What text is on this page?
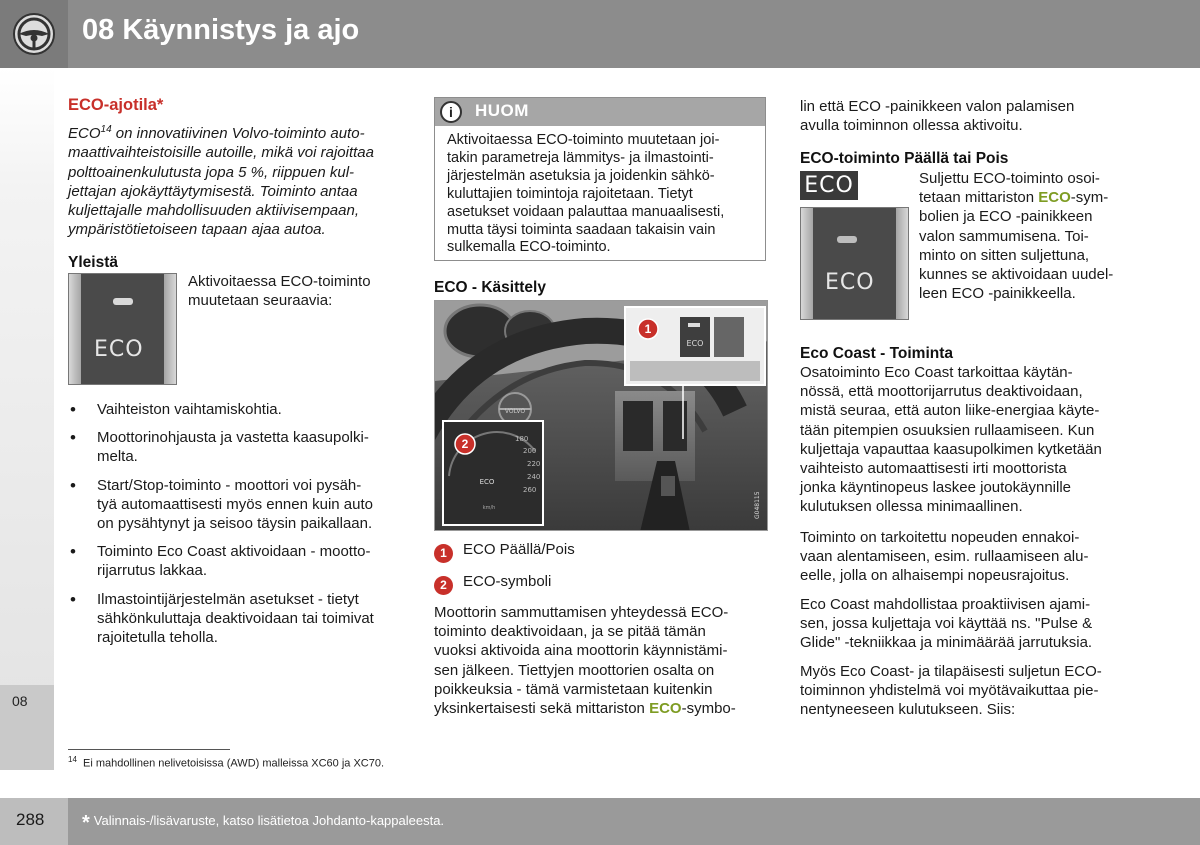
08 Käynnistys ja ajo
08
ECO-ajotila*
ECO$^{14}$ on innovatiivinen Volvo-toiminto auto-
maattivaihteistoisille autoille, mikä voi rajoittaa
polttoainenkulutusta jopa 5 %, riippuen kul-
jettajan ajokäyttäytymisestä. Toiminto antaa
kuljettajalle mahdollisuuden aktiivisempaan,
ympäristötietoiseen tapaan ajaa autoa.
Yleistä
ECO
Aktivoitaessa ECO-toiminto
muutetaan seuraavia:
• Vaihteiston vaihtamiskohtia.
• Moottorinohjausta ja vastetta kaasupolki-
melta.
• Start/Stop-toiminto - moottori voi pysäh-
tyä automaattisesti myös ennen kuin auto
on pysähtynyt ja seisoo täysin paikallaan.
• Toiminto Eco Coast aktivoidaan - mootto-
rijarrutus lakkaa.
• Ilmastointijärjestelmän asetukset - tietyt
sähkönkuluttaja deaktivoidaan tai toimivat
rajoitetulla teholla.
i	HUOM
Aktivoitaessa ECO-toiminto muutetaan joi-
takin parametreja lämmitys- ja ilmastointi-
järjestelmän asetuksia ja joidenkin sähkö-
kuluttajien toimintoja rajoitetaan. Tietyt
asetukset voidaan palauttaa manuaalisesti,
mutta täysi toiminta saadaan takaisin vain
sulkemalla ECO-toiminto.
ECO - Käsittely
VOLVO
ECO
1
180
200
220
240
260
ECO
km/h
2
G048115
1 ECO Päällä/Pois
2 ECO-symboli
Moottorin sammuttamisen yhteydessä ECO-
toiminto deaktivoidaan, ja se pitää tämän
vuoksi aktivoida aina moottorin käynnistämi-
sen jälkeen. Tiettyjen moottorien osalta on
poikkeuksia - tämä varmistetaan kuitenkin
yksinkertaisesti sekä mittariston ECO-symbo-
lin että ECO -painikkeen valon palamisen
avulla toiminnon ollessa aktivoitu.
ECO-toiminto Päällä tai Pois
ECO
ECO
Suljettu ECO-toiminto osoi-
tetaan mittariston ECO-sym-
bolien ja ECO -painikkeen
valon sammumisena. Toi-
minto on sitten suljettuna,
kunnes se aktivoidaan uudel-
leen ECO -painikkeella.
Eco Coast - Toiminta
Osatoiminto Eco Coast tarkoittaa käytän-
nössä, että moottorijarrutus deaktivoidaan,
mistä seuraa, että auton liike-energiaa käyte-
tään pitempien osuuksien rullaamiseen. Kun
kuljettaja vapauttaa kaasupolkimen kytketään
vaihteisto automaattisesti irti moottorista
jonka käyntinopeus laskee joutokäynnille
kulutuksen ollessa minimaallinen.
Toiminto on tarkoitettu nopeuden ennakoi-
vaan alentamiseen, esim. rullaamiseen alu-
eelle, jolla on alhaisempi nopeusrajoitus.
Eco Coast mahdollistaa proaktiivisen ajami-
sen, jossa kuljettaja voi käyttää ns. "Pulse &
Glide" -tekniikkaa ja minimäärää jarrutuksia.
Myös Eco Coast- ja tilapäisesti suljetun ECO-
toiminnon yhdistelmä voi myötävaikuttaa pie-
nentyneeseen kulutukseen. Siis:
$^{14}$ Ei mahdollinen nelivetoisissa (AWD) malleissa XC60 ja XC70.
288 * Valinnais-/lisävaruste, katso lisätietoa Johdanto-kappaleesta.
